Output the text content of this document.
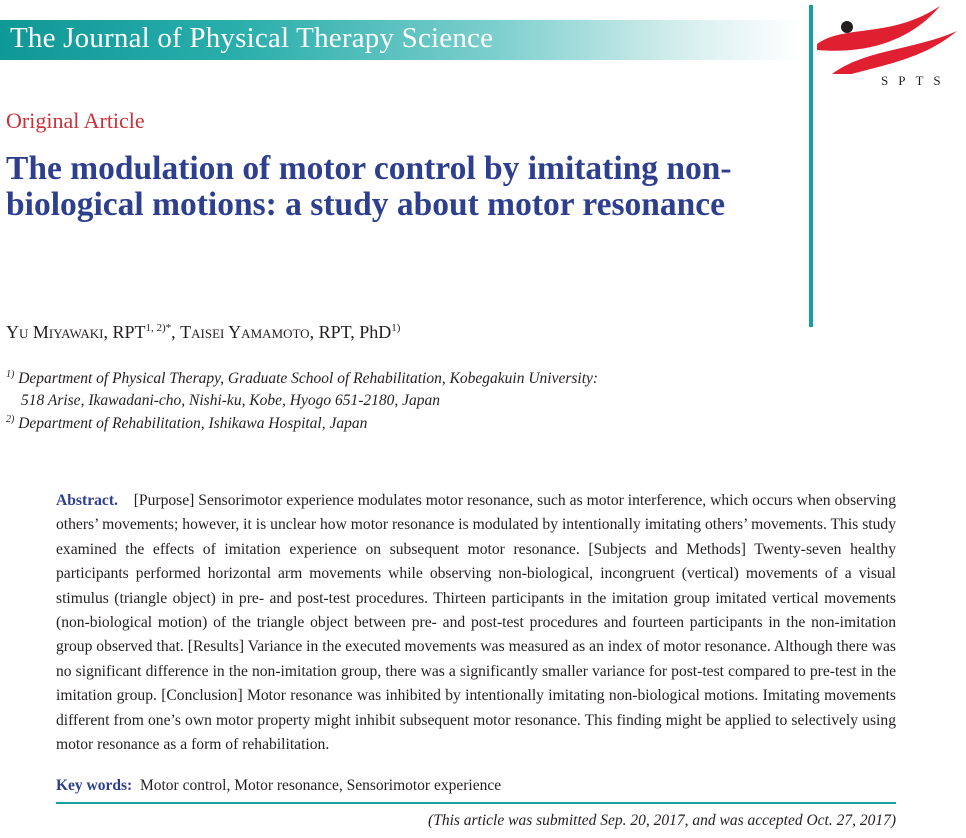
The Journal of Physical Therapy Science
SPTS
Original Article
The modulation of motor control by imitating non-biological motions: a study about motor resonance
Yu Miyawaki, $RPT^{1, 2)*}$, Taisei Yamamoto, RPT, PhD$^{1)}$
$^{1)}$ Department of Physical Therapy, Graduate School of Rehabilitation, Kobegakuin University:
518 Arise, Ikawadani-cho, Nishi-ku, Kobe, Hyogo 651-2180, Japan
$^{2)}$ Department of Rehabilitation, Ishikawa Hospital, Japan

Abstract. [Purpose] Sensorimotor experience modulates motor resonance, such as motor interference, which occurs when observing others’ movements; however, it is unclear how motor resonance is modulated by intentionally imitating others’ movements. This study examined the effects of imitation experience on subsequent motor resonance. [Subjects and Methods] Twenty-seven healthy participants performed horizontal arm movements while observing non-biological, incongruent (vertical) movements of a visual stimulus (triangle object) in pre- and post-test procedures. Thirteen participants in the imitation group imitated vertical movements (non-biological motion) of the triangle object between pre- and post-test procedures and fourteen participants in the non-imitation group observed that. [Results] Variance in the executed movements was measured as an index of motor resonance. Although there was no significant difference in the non-imitation group, there was a significantly smaller variance for post-test compared to pre-test in the imitation group. [Conclusion] Motor resonance was inhibited by intentionally imitating non-biological motions. Imitating movements different from one’s own motor property might inhibit subsequent motor resonance. This finding might be applied to selectively using motor resonance as a form of rehabilitation.

Key words: Motor control, Motor resonance, Sensorimotor experience
(This article was submitted Sep. 20, 2017, and was accepted Oct. 27, 2017)
